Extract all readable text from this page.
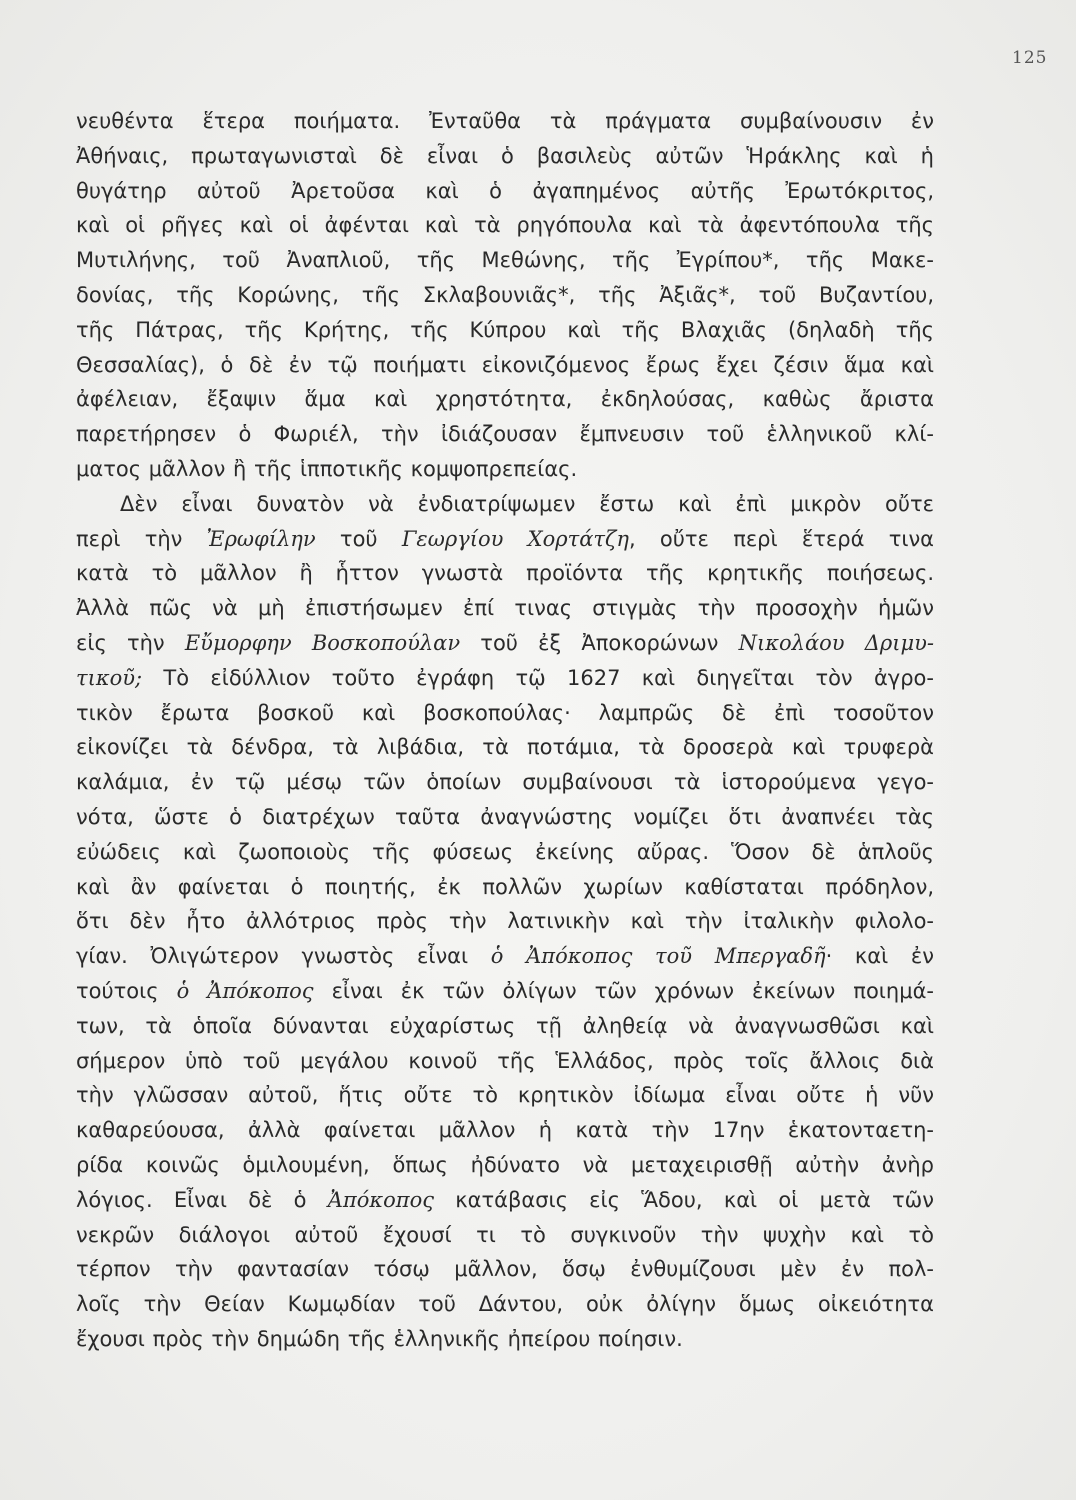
125
νευθέντα ἕτερα ποιήματα. Ἐνταῦθα τὰ πράγματα συμβαίνουσιν ἐν
Ἀθήναις, πρωταγωνισταὶ δὲ εἶναι ὁ βασιλεὺς αὐτῶν Ἡράκλης καὶ ἡ
θυγάτηρ αὐτοῦ Ἀρετοῦσα καὶ ὁ ἀγαπημένος αὐτῆς Ἐρωτόκριτος,
καὶ οἱ ρῆγες καὶ οἱ ἀφένται καὶ τὰ ρηγόπουλα καὶ τὰ ἀφεντόπουλα τῆς
Μυτιλήνης, τοῦ Ἀναπλιοῦ, τῆς Μεθώνης, τῆς Ἐγρίπου*, τῆς Μακε-
δονίας, τῆς Κορώνης, τῆς Σκλαβουνιᾶς*, τῆς Ἀξιᾶς*, τοῦ Βυζαντίου,
τῆς Πάτρας, τῆς Κρήτης, τῆς Κύπρου καὶ τῆς Βλαχιᾶς (δηλαδὴ τῆς
Θεσσαλίας), ὁ δὲ ἐν τῷ ποιήματι εἰκονιζόμενος ἔρως ἔχει ζέσιν ἅμα καὶ
ἀφέλειαν, ἔξαψιν ἅμα καὶ χρηστότητα, ἐκδηλούσας, καθὼς ἄριστα
παρετήρησεν ὁ Φωριέλ, τὴν ἰδιάζουσαν ἔμπνευσιν τοῦ ἑλληνικοῦ κλί-
ματος μᾶλλον ἢ τῆς ἱπποτικῆς κομψοπρεπείας.
Δὲν εἶναι δυνατὸν νὰ ἐνδιατρίψωμεν ἔστω καὶ ἐπὶ μικρὸν οὔτε
περὶ τὴν Ἐρωφίλην τοῦ Γεωργίου Χορτάτζη, οὔτε περὶ ἕτερά τινα
κατὰ τὸ μᾶλλον ἢ ἧττον γνωστὰ προϊόντα τῆς κρητικῆς ποιήσεως.
Ἀλλὰ πῶς νὰ μὴ ἐπιστήσωμεν ἐπί τινας στιγμὰς τὴν προσοχὴν ἡμῶν
εἰς τὴν Εὔμορφην Βοσκοπούλαν τοῦ ἐξ Ἀποκορώνων Νικολάου Δριμυ-
τικοῦ; Τὸ εἰδύλλιον τοῦτο ἐγράφη τῷ 1627 καὶ διηγεῖται τὸν ἀγρο-
τικὸν ἔρωτα βοσκοῦ καὶ βοσκοπούλας· λαμπρῶς δὲ ἐπὶ τοσοῦτον
εἰκονίζει τὰ δένδρα, τὰ λιβάδια, τὰ ποτάμια, τὰ δροσερὰ καὶ τρυφερὰ
καλάμια, ἐν τῷ μέσῳ τῶν ὁποίων συμβαίνουσι τὰ ἱστορούμενα γεγο-
νότα, ὥστε ὁ διατρέχων ταῦτα ἀναγνώστης νομίζει ὅτι ἀναπνέει τὰς
εὐώδεις καὶ ζωοποιοὺς τῆς φύσεως ἐκείνης αὔρας. Ὅσον δὲ ἁπλοῦς
καὶ ἂν φαίνεται ὁ ποιητής, ἐκ πολλῶν χωρίων καθίσταται πρόδηλον,
ὅτι δὲν ἦτο ἀλλότριος πρὸς τὴν λατινικὴν καὶ τὴν ἰταλικὴν φιλολο-
γίαν. Ὀλιγώτερον γνωστὸς εἶναι ὁ Ἀπόκοπος τοῦ Μπεργαδῆ· καὶ ἐν
τούτοις ὁ Ἀπόκοπος εἶναι ἐκ τῶν ὀλίγων τῶν χρόνων ἐκείνων ποιημά-
των, τὰ ὁποῖα δύνανται εὐχαρίστως τῇ ἀληθείᾳ νὰ ἀναγνωσθῶσι καὶ
σήμερον ὑπὸ τοῦ μεγάλου κοινοῦ τῆς Ἑλλάδος, πρὸς τοῖς ἄλλοις διὰ
τὴν γλῶσσαν αὐτοῦ, ἥτις οὔτε τὸ κρητικὸν ἰδίωμα εἶναι οὔτε ἡ νῦν
καθαρεύουσα, ἀλλὰ φαίνεται μᾶλλον ἡ κατὰ τὴν 17ην ἑκατονταετη-
ρίδα κοινῶς ὁμιλουμένη, ὅπως ἠδύνατο νὰ μεταχειρισθῇ αὐτὴν ἀνὴρ
λόγιος. Εἶναι δὲ ὁ Ἀπόκοπος κατάβασις εἰς Ἅδου, καὶ οἱ μετὰ τῶν
νεκρῶν διάλογοι αὐτοῦ ἔχουσί τι τὸ συγκινοῦν τὴν ψυχὴν καὶ τὸ
τέρπον τὴν φαντασίαν τόσῳ μᾶλλον, ὅσῳ ἐνθυμίζουσι μὲν ἐν πολ-
λοῖς τὴν Θείαν Κωμῳδίαν τοῦ Δάντου, οὐκ ὀλίγην ὅμως οἰκειότητα
ἔχουσι πρὸς τὴν δημώδη τῆς ἑλληνικῆς ἠπείρου ποίησιν.
